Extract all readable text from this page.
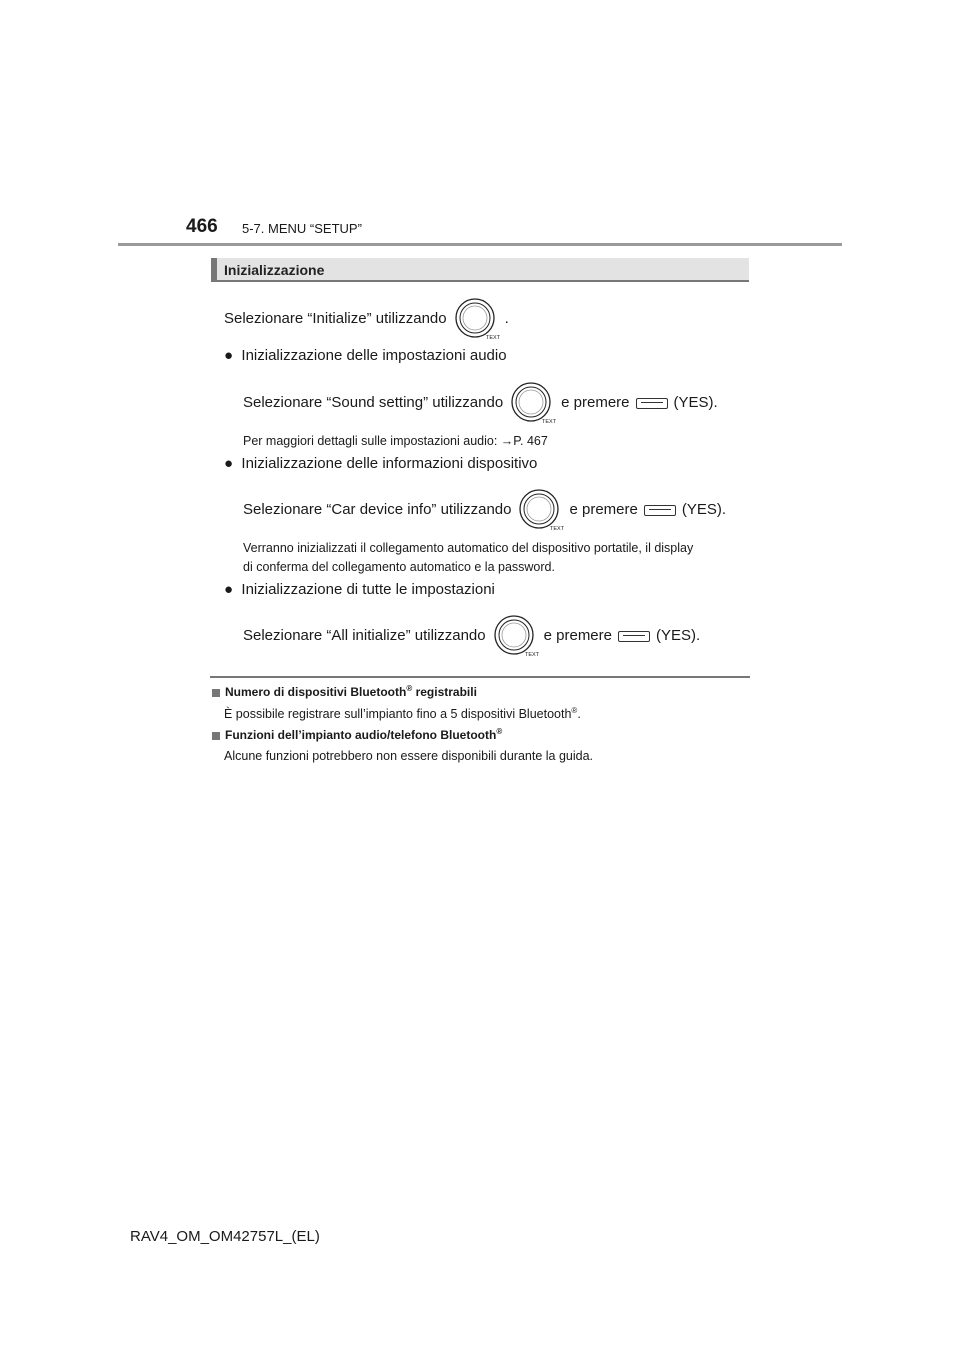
466 5-7. MENU “SETUP”
Inizializzazione
Selezionare “Initialize” utilizzando
TEXT
.
● Inizializzazione delle impostazioni audio
Selezionare “Sound setting” utilizzando
TEXT
e premere	(YES).
Per maggiori dettagli sulle impostazioni audio: →P. 467
● Inizializzazione delle informazioni dispositivo
Selezionare “Car device info” utilizzando
TEXT
e premere	(YES).
Verranno inizializzati il collegamento automatico del dispositivo portatile, il display
di conferma del collegamento automatico e la password.
● Inizializzazione di tutte le impostazioni
Selezionare “All initialize” utilizzando
TEXT
e premere	(YES).
Numero di dispositivi Bluetooth® registrabili
È possibile registrare sull’impianto fino a 5 dispositivi Bluetooth®.
Funzioni dell’impianto audio/telefono Bluetooth®
Alcune funzioni potrebbero non essere disponibili durante la guida.
RAV4_OM_OM42757L_(EL)
